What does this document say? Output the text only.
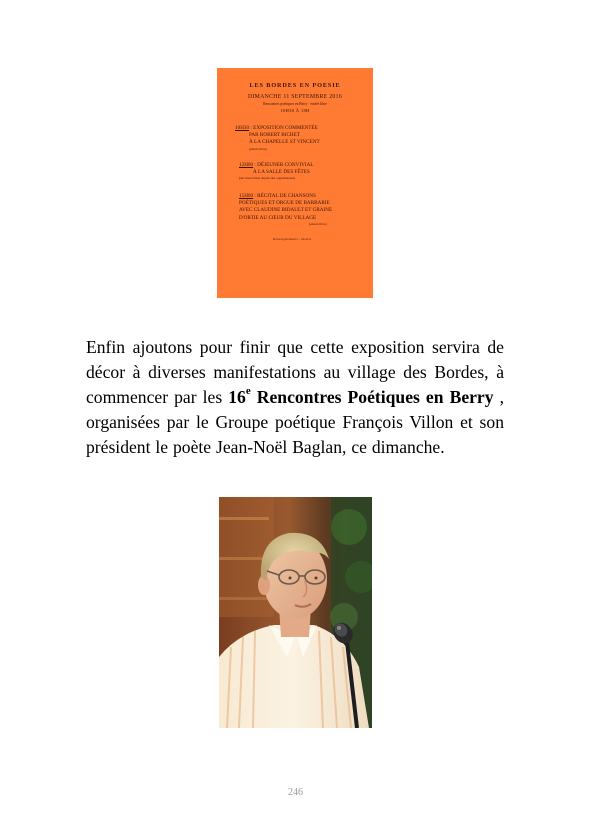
LES BORDES EN POESIE
DIMANCHE 11 SEPTEMBRE 2016
Rencontres poétiques en Berry · entrée libre
10H30 À 18H
10H30 : EXPOSITION COMMENTÉE
PAR ROBERT BICHET
À LA CHAPELLE ST VINCENT
(entrée libre)
12H00 : DÉJEUNER CONVIVIAL
À LA SALLE DES FÊTES
(sur réservation auprès des organisateurs)
15H00 : RÉCITAL DE CHANSONS
POÉTIQUES ET ORGUE DE BARBARIE
AVEC CLAUDINE BIDAULT ET GRAINE
D'ORTIE AU CŒUR DU VILLAGE
(entrée libre)
Renseignements : mairie

Enfin ajoutons pour finir que cette exposition servira de décor à diverses manifestations au village des Bordes, à commencer par les 16e Rencontres Poétiques en Berry , organisées par le Groupe poétique François Villon et son président le poète Jean-Noël Baglan, ce dimanche.

246
